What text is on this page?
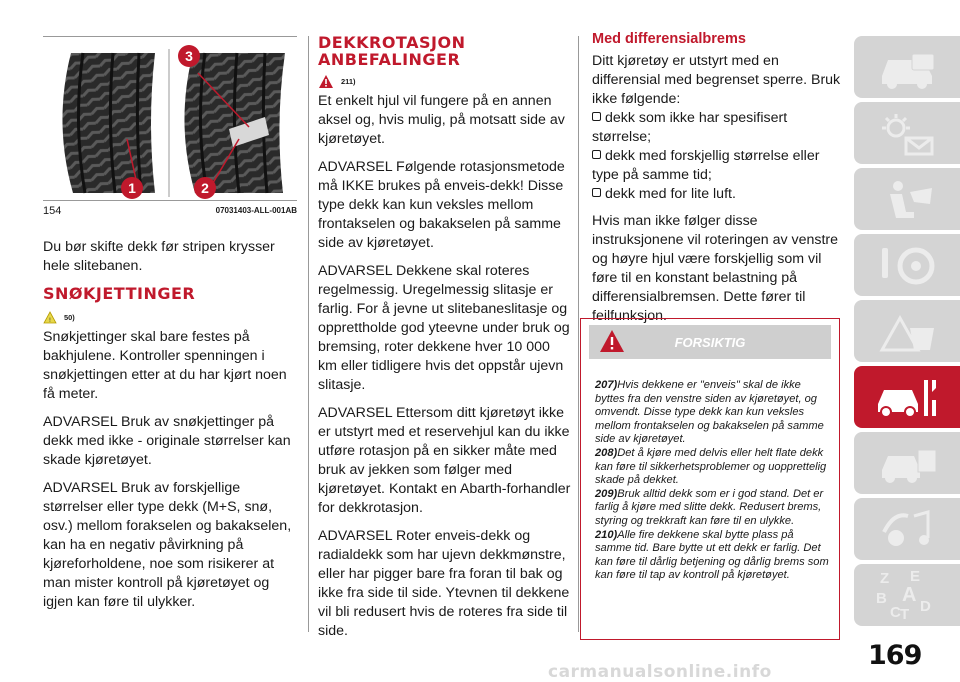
1	2
3
154	07031403-ALL-001AB

Du bør skifte dekk før stripen krysser hele slitebanen.

SNØKJETTINGER
! 50)

Snøkjettinger skal bare festes på bakhjulene. Kontroller spenningen i snøkjettingen etter at du har kjørt noen få meter.

ADVARSEL Bruk av snøkjettinger på dekk med ikke - originale størrelser kan skade kjøretøyet.

ADVARSEL Bruk av forskjellige størrelser eller type dekk (M+S, snø, osv.) mellom forakselen og bakakselen, kan ha en negativ påvirkning på kjøreforholdene, noe som risikerer at man mister kontroll på kjøretøyet og igjen kan føre til ulykker.

DEKKROTASJON
ANBEFALINGER
211)

Et enkelt hjul vil fungere på en annen aksel og, hvis mulig, på motsatt side av kjøretøyet.

ADVARSEL Følgende rotasjonsmetode må IKKE brukes på enveis-dekk! Disse type dekk kan kun veksles mellom frontakselen og bakakselen på samme side av kjøretøyet.

ADVARSEL Dekkene skal roteres regelmessig. Uregelmessig slitasje er farlig. For å jevne ut slitebaneslitasje og opprettholde god yteevne under bruk og bremsing, roter dekkene hver 10 000 km eller tidligere hvis det oppstår ujevn slitasje.

ADVARSEL Ettersom ditt kjøretøyt ikke er utstyrt med et reservehjul kan du ikke utføre rotasjon på en sikker måte med bruk av jekken som følger med kjøretøyet. Kontakt en Abarth-forhandler for dekkrotasjon.

ADVARSEL Roter enveis-dekk og radialdekk som har ujevn dekkmønstre, eller har pigger bare fra foran til bak og ikke fra side til side. Ytevnen til dekkene vil bli redusert hvis de roteres fra side til side.

Med differensialbrems
Ditt kjøretøy er utstyrt med en differensial med begrenset sperre. Bruk ikke følgende:
dekk som ikke har spesifisert størrelse;
dekk med forskjellig størrelse eller type på samme tid;
dekk med for lite luft.

Hvis man ikke følger disse instruksjonene vil roteringen av venstre og høyre hjul være forskjellig som vil føre til en konstant belastning på differensialbremsen. Dette fører til feilfunksjon.

FORSIKTIG
207)Hvis dekkene er "enveis" skal de ikke byttes fra den venstre siden av kjøretøyet, og omvendt. Disse type dekk kan kun veksles mellom frontakselen og bakakselen på samme side av kjøretøyet.
208)Det å kjøre med delvis eller helt flate dekk kan føre til sikkerhetsproblemer og uopprettelig skade på dekket.
209)Bruk alltid dekk som er i god stand. Det er farlig å kjøre med slitte dekk. Redusert brems, styring og trekkraft kan føre til en ulykke.
210)Alle fire dekkene skal bytte plass på samme tid. Bare bytte ut ett dekk er farlig. Det kan føre til dårlig betjening og dårlig brems som kan føre til tap av kontroll på kjøretøyet.	Z E
B A
C T D
169
carmanualsonline.info
